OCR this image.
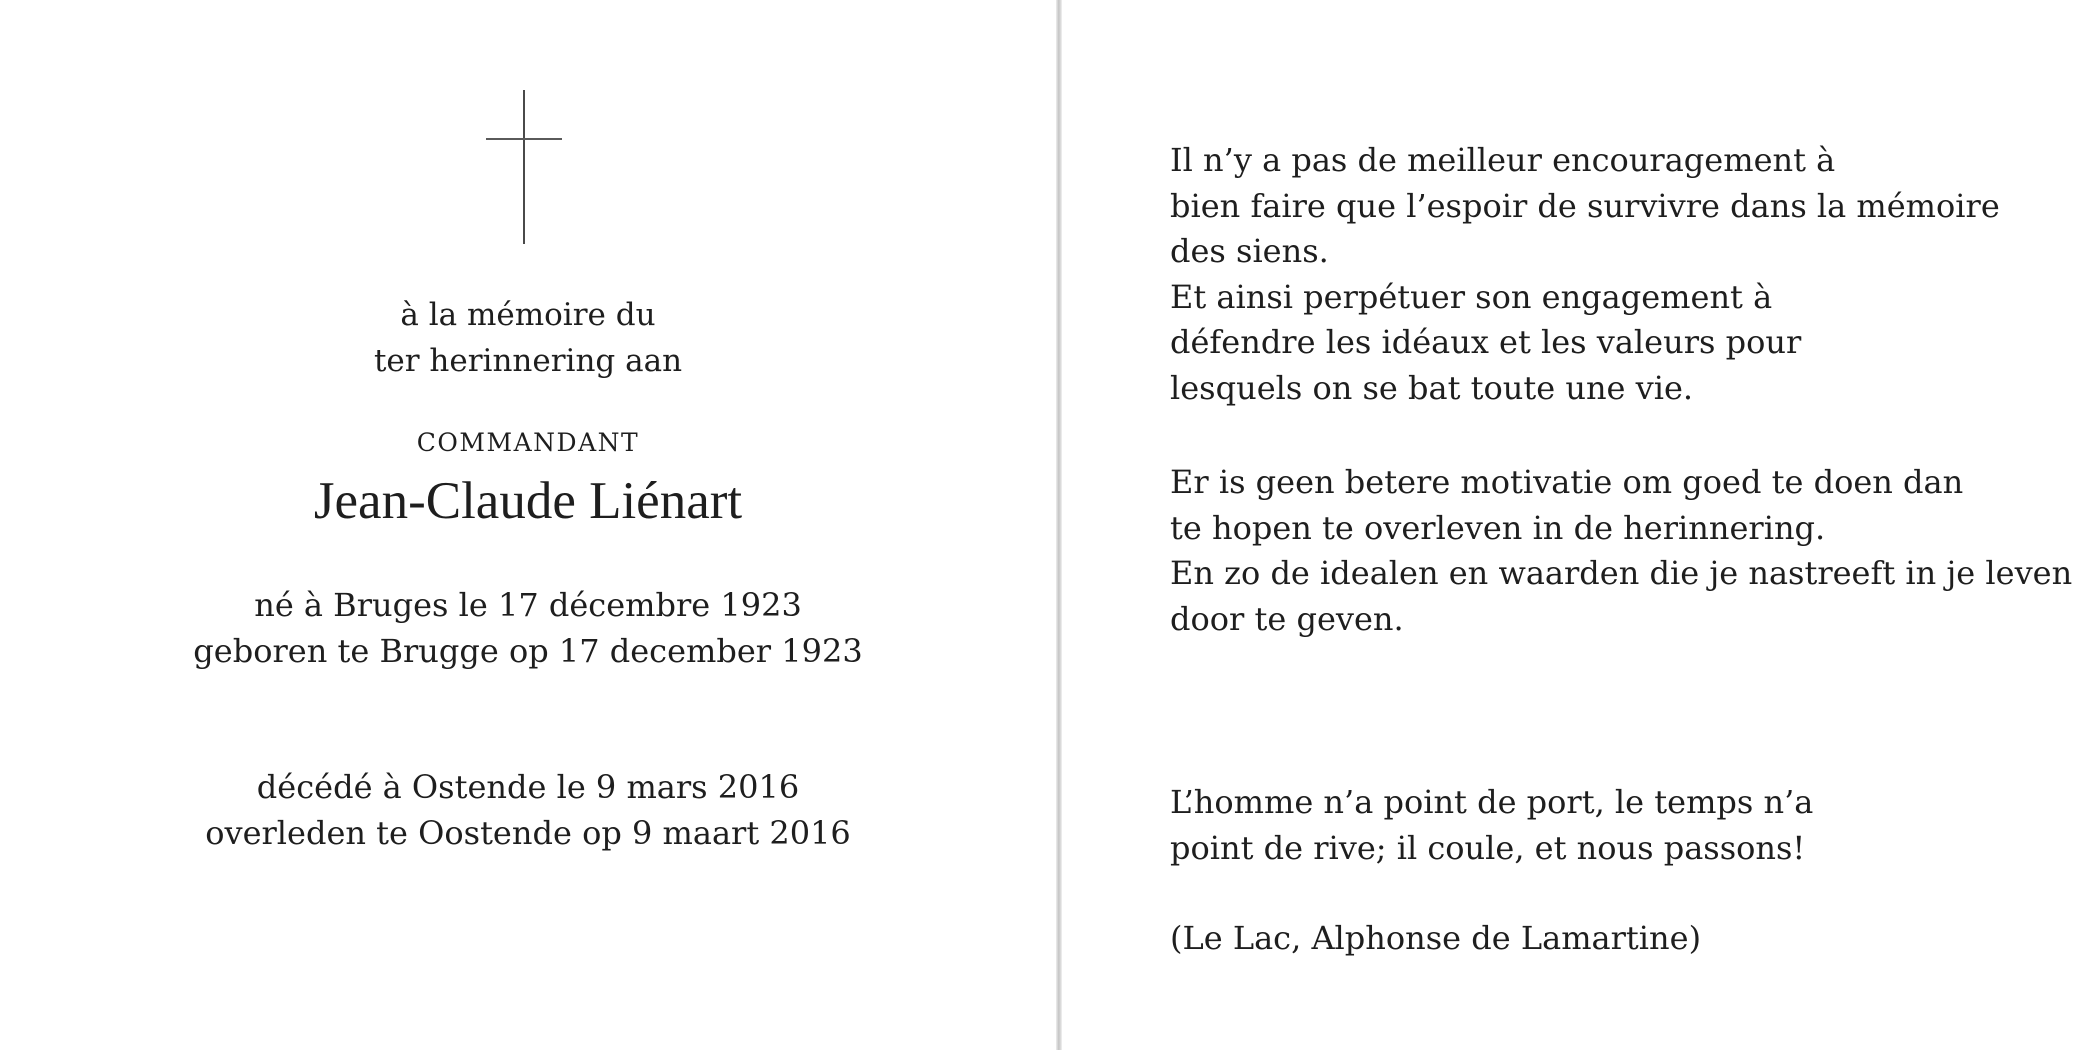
à la mémoire du
ter herinnering aan
COMMANDANT
Jean-Claude Liénart
né à Bruges le 17 décembre 1923
geboren te Brugge op 17 december 1923
décédé à Ostende le 9 mars 2016
overleden te Oostende op 9 maart 2016
Il n’y a pas de meilleur encouragement à
bien faire que l’espoir de survivre dans la mémoire
des siens.
Et ainsi perpétuer son engagement à
défendre les idéaux et les valeurs pour
lesquels on se bat toute une vie.
Er is geen betere motivatie om goed te doen dan
te hopen te overleven in de herinnering.
En zo de idealen en waarden die je nastreeft in je leven
door te geven.
L’homme n’a point de port, le temps n’a
point de rive; il coule, et nous passons!
(Le Lac, Alphonse de Lamartine)
